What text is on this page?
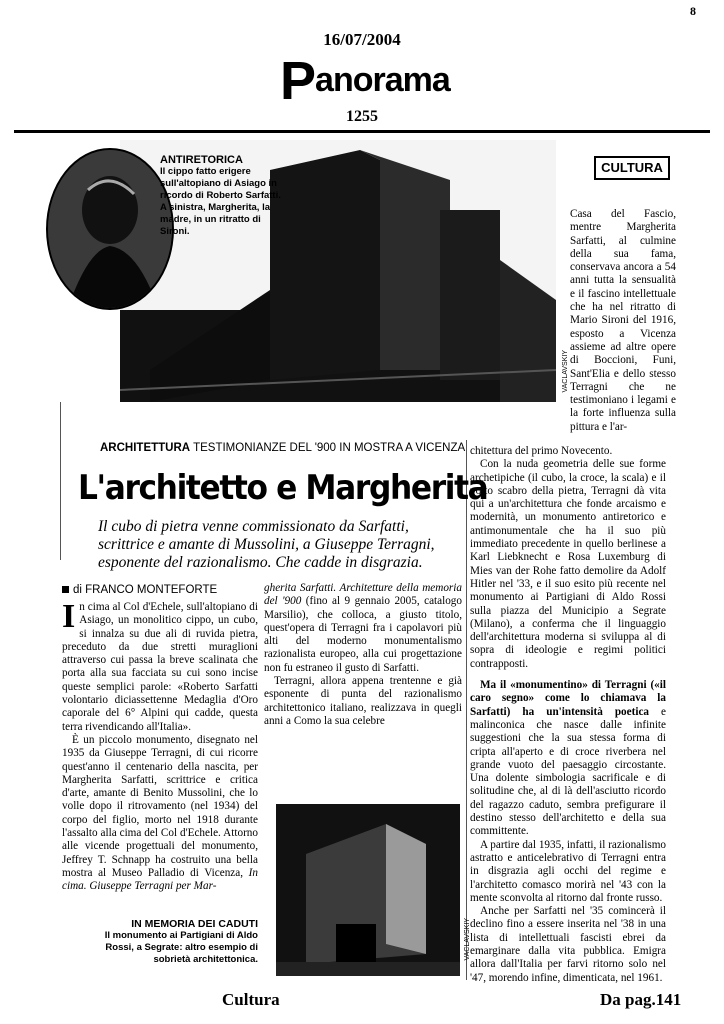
8
16/07/2004
Panorama
1255
ANTIRETORICA
Il cippo fatto erigere sull'altopiano di Asiago in ricordo di Roberto Sarfatti. A sinistra, Margherita, la madre, in un ritratto di Sironi.
CULTURA
VACLAVSKIY
Casa del Fascio, mentre Margherita Sarfatti, al culmine della sua fama, conservava ancora a 54 anni tutta la sensualità e il fascino intellettuale che ha nel ritratto di Mario Sironi del 1916, esposto a Vicenza assieme ad altre opere di Boccioni, Funi, Sant'Elia e dello stesso Terragni che ne testimoniano i legami e la forte influenza sulla pittura e l'ar-
ARCHITETTURA TESTIMONIANZE DEL '900 IN MOSTRA A VICENZA
L'architetto e Margherita
Il cubo di pietra venne commissionato da Sarfatti, scrittrice e amante di Mussolini, a Giuseppe Terragni, esponente del razionalismo. Che cadde in disgrazia.
di FRANCO MONTEFORTE

In cima al Col d'Echele, sull'altopiano di Asiago, un monolitico cippo, un cubo, si innalza su due ali di ruvida pietra, preceduto da due stretti muraglioni attraverso cui passa la breve scalinata che porta alla sua facciata su cui sono incise queste semplici parole: «Roberto Sarfatti volontario diciassettenne Medaglia d'Oro caporale del 6° Alpini qui cadde, questa terra rivendicando all'Italia».

È un piccolo monumento, disegnato nel 1935 da Giuseppe Terragni, di cui ricorre quest'anno il centenario della nascita, per Margherita Sarfatti, scrittrice e critica d'arte, amante di Benito Mussolini, che lo volle dopo il ritrovamento (nel 1934) del corpo del figlio, morto nel 1918 durante l'assalto alla cima del Col d'Echele. Attorno alle vicende progettuali del monumento, Jeffrey T. Schnapp ha costruito una bella mostra al Museo Palladio di Vicenza, In cima. Giuseppe Terragni per Mar-

gherita Sarfatti. Architetture della memoria del '900 (fino al 9 gennaio 2005, catalogo Marsilio), che colloca, a giusto titolo, quest'opera di Terragni fra i capolavori più alti del moderno monumentalismo razionalista europeo, alla cui progettazione non fu estraneo il gusto di Sarfatti.

Terragni, allora appena trentenne e già esponente di punta del razionalismo architettonico italiano, realizzava in quegli anni a Como la sua celebre

VACLAVSKIY
IN MEMORIA DEI CADUTI
Il monumento ai Partigiani di Aldo Rossi, a Segrate: altro esempio di sobrietà architettonica.

chitettura del primo Novecento.

Con la nuda geometria delle sue forme archetipiche (il cubo, la croce, la scala) e il volto scabro della pietra, Terragni dà vita qui a un'architettura che fonde arcaismo e modernità, un monumento antiretorico e antimonumentale che ha il suo più immediato precedente in quello berlinese a Karl Liebknecht e Rosa Luxemburg di Mies van der Rohe fatto demolire da Adolf Hitler nel '33, e il suo esito più recente nel monumento ai Partigiani di Aldo Rossi sulla piazza del Municipio a Segrate (Milano), a conferma che il linguaggio dell'architettura moderna si sviluppa al di sopra di ideologie e regimi politici contrapposti.

Ma il «monumentino» di Terragni («il caro segno» come lo chiamava la Sarfatti) ha un'intensità poetica e malinconica che nasce dalle infinite suggestioni che la sua stessa forma di cripta all'aperto e di croce riverbera nel grande vuoto del paesaggio circostante. Una dolente simbologia sacrificale e di solitudine che, al di là dell'asciutto ricordo del ragazzo caduto, sembra prefigurare il destino stesso dell'architetto e della sua committente.

A partire dal 1935, infatti, il razionalismo astratto e anticelebrativo di Terragni entra in disgrazia agli occhi del regime e l'architetto comasco morirà nel '43 con la mente sconvolta al ritorno dal fronte russo.

Anche per Sarfatti nel '35 comincerà il declino fino a essere inserita nel '38 in una lista di intellettuali fascisti ebrei da emarginare dalla vita pubblica. Emigra allora dall'Italia per farvi ritorno solo nel '47, morendo infine, dimenticata, nel 1961.

Cultura	Da pag.141
